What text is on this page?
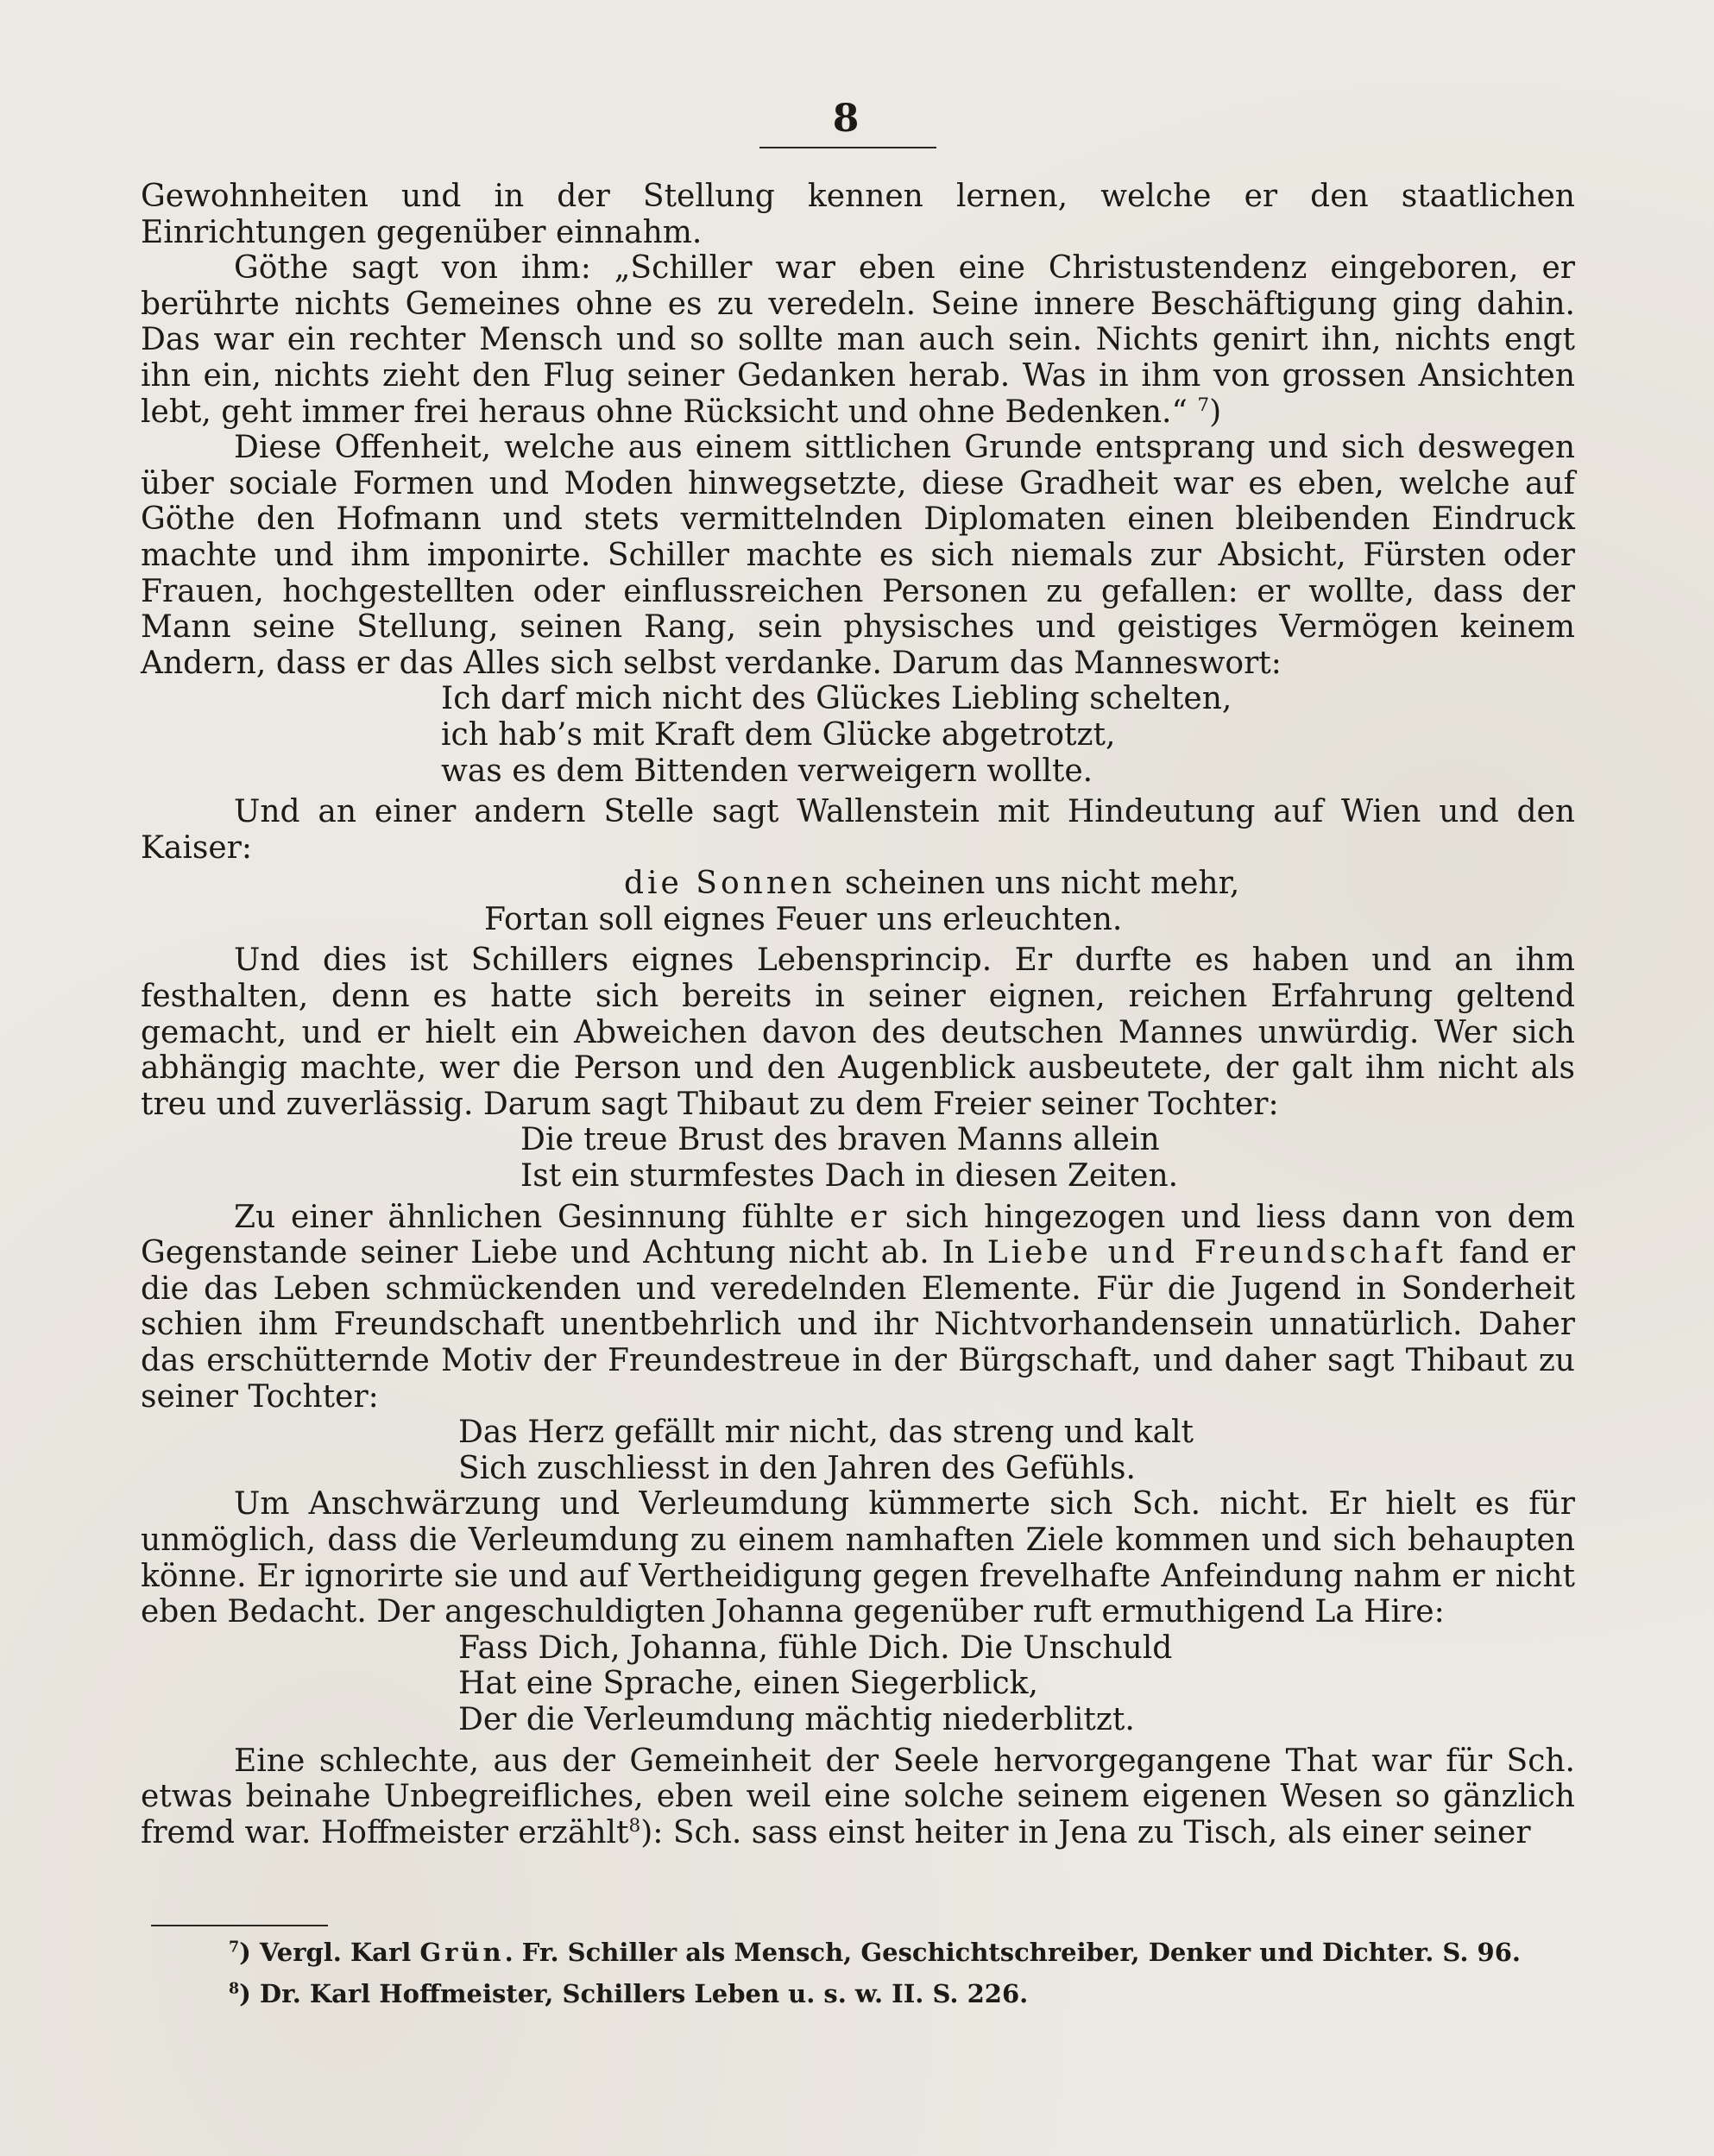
8

Gewohnheiten und in der Stellung kennen lernen, welche er den staatlichen Einrichtungen gegenüber einnahm.

Göthe sagt von ihm: „Schiller war eben eine Christustendenz eingeboren, er berührte nichts Gemeines ohne es zu veredeln. Seine innere Beschäftigung ging dahin. Das war ein rechter Mensch und so sollte man auch sein. Nichts genirt ihn, nichts engt ihn ein, nichts zieht den Flug seiner Gedanken herab. Was in ihm von grossen Ansichten lebt, geht immer frei heraus ohne Rücksicht und ohne Bedenken.“ $^7$)

Diese Offenheit, welche aus einem sittlichen Grunde entsprang und sich deswegen über sociale Formen und Moden hinwegsetzte, diese Gradheit war es eben, welche auf Göthe den Hofmann und stets vermittelnden Diplomaten einen bleibenden Eindruck machte und ihm imponirte. Schiller machte es sich niemals zur Absicht, Fürsten oder Frauen, hochgestellten oder einflussreichen Personen zu gefallen: er wollte, dass der Mann seine Stellung, seinen Rang, sein physisches und geistiges Vermögen keinem Andern, dass er das Alles sich selbst verdanke. Darum das Manneswort:

Ich darf mich nicht des Glückes Liebling schelten,
ich hab’s mit Kraft dem Glücke abgetrotzt,
was es dem Bittenden verweigern wollte.

Und an einer andern Stelle sagt Wallenstein mit Hindeutung auf Wien und den Kaiser:

die Sonnen scheinen uns nicht mehr,
Fortan soll eignes Feuer uns erleuchten.

Und dies ist Schillers eignes Lebensprincip. Er durfte es haben und an ihm festhalten, denn es hatte sich bereits in seiner eignen, reichen Erfahrung geltend gemacht, und er hielt ein Abweichen davon des deutschen Mannes unwürdig. Wer sich abhängig machte, wer die Person und den Augenblick ausbeutete, der galt ihm nicht als treu und zuverlässig. Darum sagt Thibaut zu dem Freier seiner Tochter:

Die treue Brust des braven Manns allein
Ist ein sturmfestes Dach in diesen Zeiten.

Zu einer ähnlichen Gesinnung fühlte er sich hingezogen und liess dann von dem Gegenstande seiner Liebe und Achtung nicht ab. In Liebe und Freundschaft fand er die das Leben schmückenden und veredelnden Elemente. Für die Jugend in Sonderheit schien ihm Freundschaft unentbehrlich und ihr Nichtvorhandensein unnatürlich. Daher das erschütternde Motiv der Freundestreue in der Bürgschaft, und daher sagt Thibaut zu seiner Tochter:

Das Herz gefällt mir nicht, das streng und kalt
Sich zuschliesst in den Jahren des Gefühls.

Um Anschwärzung und Verleumdung kümmerte sich Sch. nicht. Er hielt es für unmöglich, dass die Verleumdung zu einem namhaften Ziele kommen und sich behaupten könne. Er ignorirte sie und auf Vertheidigung gegen frevelhafte Anfeindung nahm er nicht eben Bedacht. Der angeschuldigten Johanna gegenüber ruft ermuthigend La Hire:

Fass Dich, Johanna, fühle Dich. Die Unschuld
Hat eine Sprache, einen Siegerblick,
Der die Verleumdung mächtig niederblitzt.

Eine schlechte, aus der Gemeinheit der Seele hervorgegangene That war für Sch. etwas beinahe Unbegreifliches, eben weil eine solche seinem eigenen Wesen so gänzlich fremd war. Hoffmeister erzählt$^8$): Sch. sass einst heiter in Jena zu Tisch, als einer seiner

$^7$) Vergl. Karl Grün. Fr. Schiller als Mensch, Geschichtschreiber, Denker und Dichter. S. 96.
$^8$) Dr. Karl Hoffmeister, Schillers Leben u. s. w. II. S. 226.
